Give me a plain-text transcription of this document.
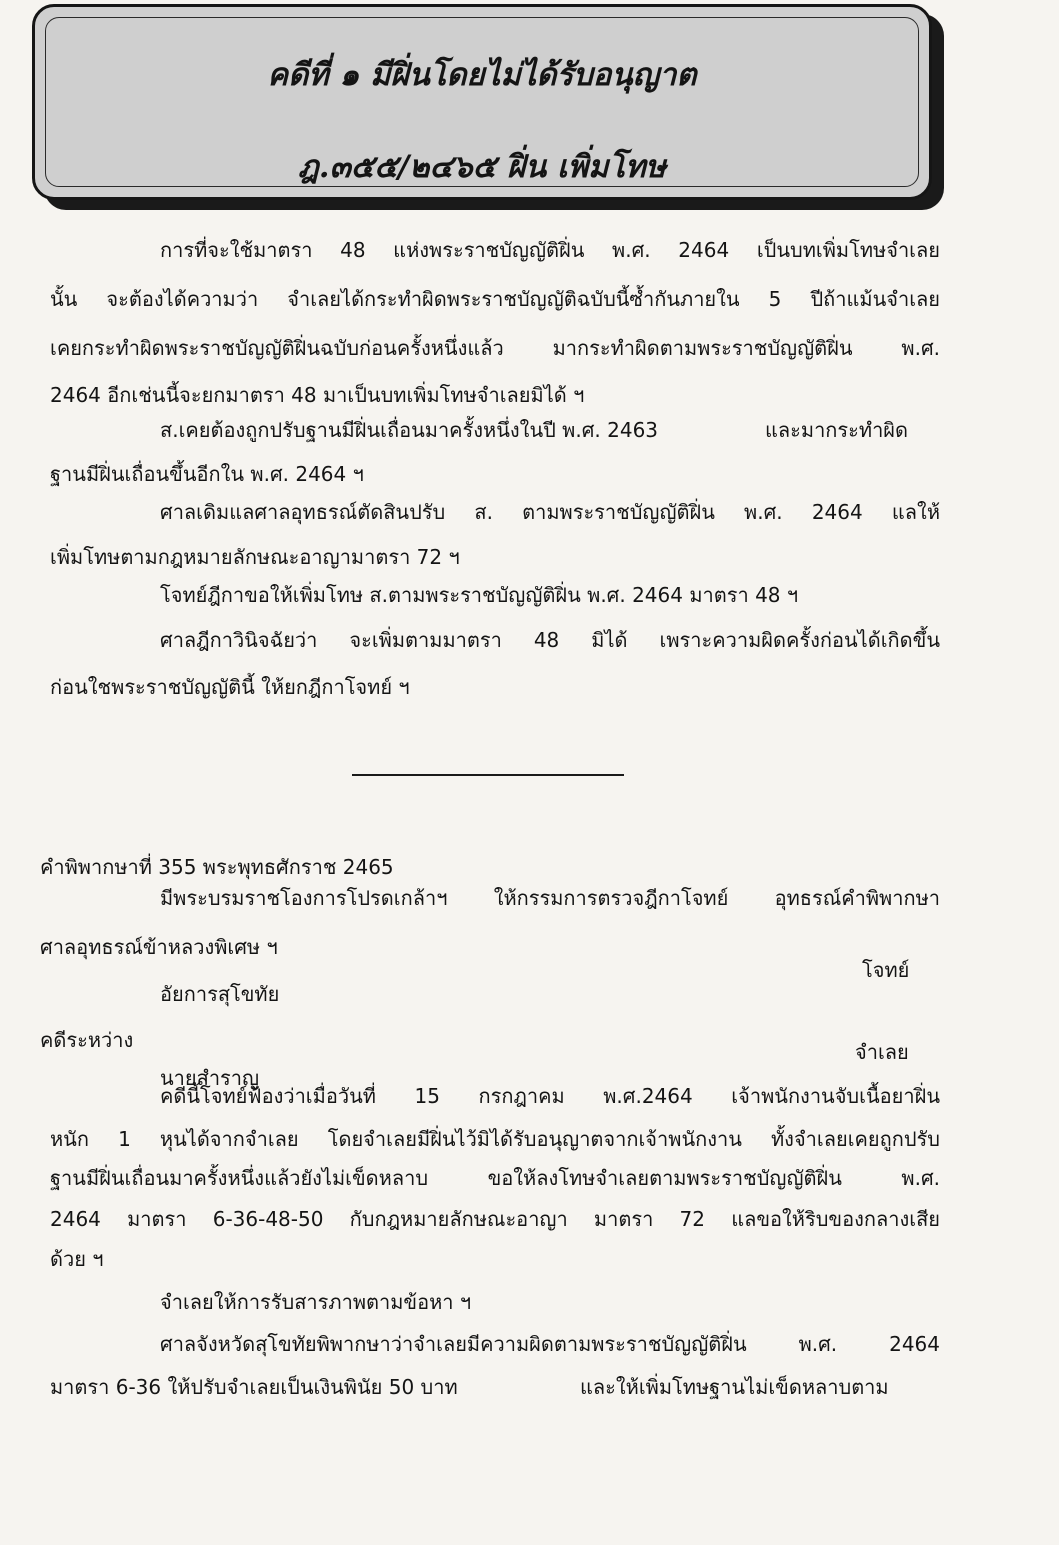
คดีที่ ๑ มีฝิ่นโดยไม่ได้รับอนุญาต
ฎ.๓๕๕/๒๔๖๕ ฝิ่น เพิ่มโทษ
การที่จะใช้มาตรา 48 แห่งพระราชบัญญัติฝิ่น พ.ศ. 2464 เป็นบทเพิ่มโทษจำเลย
นั้น จะต้องได้ความว่า จำเลยได้กระทำผิดพระราชบัญญัติฉบับนี้ซ้ำกันภายใน 5 ปีถ้าแม้นจำเลย
เคยกระทำผิดพระราชบัญญัติฝิ่นฉบับก่อนครั้งหนึ่งแล้ว มากระทำผิดตามพระราชบัญญัติฝิ่น พ.ศ.
2464 อีกเช่นนี้จะยกมาตรา 48 มาเป็นบทเพิ่มโทษจำเลยมิได้ ฯ
ส.เคยต้องถูกปรับฐานมีฝิ่นเถื่อนมาครั้งหนึ่งในปี พ.ศ. 2463	และมากระทำผิด
ฐานมีฝิ่นเถื่อนขึ้นอีกใน พ.ศ. 2464 ฯ
ศาลเดิมแลศาลอุทธรณ์ตัดสินปรับ ส. ตามพระราชบัญญัติฝิ่น พ.ศ. 2464 แลให้
เพิ่มโทษตามกฎหมายลักษณะอาญามาตรา 72 ฯ
โจทย์ฎีกาขอให้เพิ่มโทษ ส.ตามพระราชบัญญัติฝิ่น พ.ศ. 2464 มาตรา 48 ฯ
ศาลฎีกาวินิจฉัยว่า จะเพิ่มตามมาตรา 48 มิได้ เพราะความผิดครั้งก่อนได้เกิดขึ้น
ก่อนใชพระราชบัญญัตินี้ ให้ยกฎีกาโจทย์ ฯ
คำพิพากษาที่ 355 พระพุทธศักราช 2465
มีพระบรมราชโองการโปรดเกล้าฯ ให้กรรมการตรวจฎีกาโจทย์ อุทธรณ์คำพิพากษา
ศาลอุทธรณ์ข้าหลวงพิเศษ ฯ
โจทย์
อัยการสุโขทัย
คดีระหว่าง	จำเลย
นายสำราญ
คดีนี้โจทย์ฟ้องว่าเมื่อวันที่ 15 กรกฎาคม พ.ศ.2464 เจ้าพนักงานจับเนื้อยาฝิ่น
หนัก 1 หุนได้จากจำเลย โดยจำเลยมีฝิ่นไว้มิได้รับอนุญาตจากเจ้าพนักงาน ทั้งจำเลยเคยถูกปรับ
ฐานมีฝิ่นเถื่อนมาครั้งหนึ่งแล้วยังไม่เข็ดหลาบ ขอให้ลงโทษจำเลยตามพระราชบัญญัติฝิ่น พ.ศ.
2464 มาตรา 6-36-48-50 กับกฎหมายลักษณะอาญา มาตรา 72 แลขอให้ริบของกลางเสีย
ด้วย ฯ
จำเลยให้การรับสารภาพตามข้อหา ฯ
ศาลจังหวัดสุโขทัยพิพากษาว่าจำเลยมีความผิดตามพระราชบัญญัติฝิ่น พ.ศ. 2464
มาตรา 6-36 ให้ปรับจำเลยเป็นเงินพินัย 50 บาท	และให้เพิ่มโทษฐานไม่เข็ดหลาบตาม
